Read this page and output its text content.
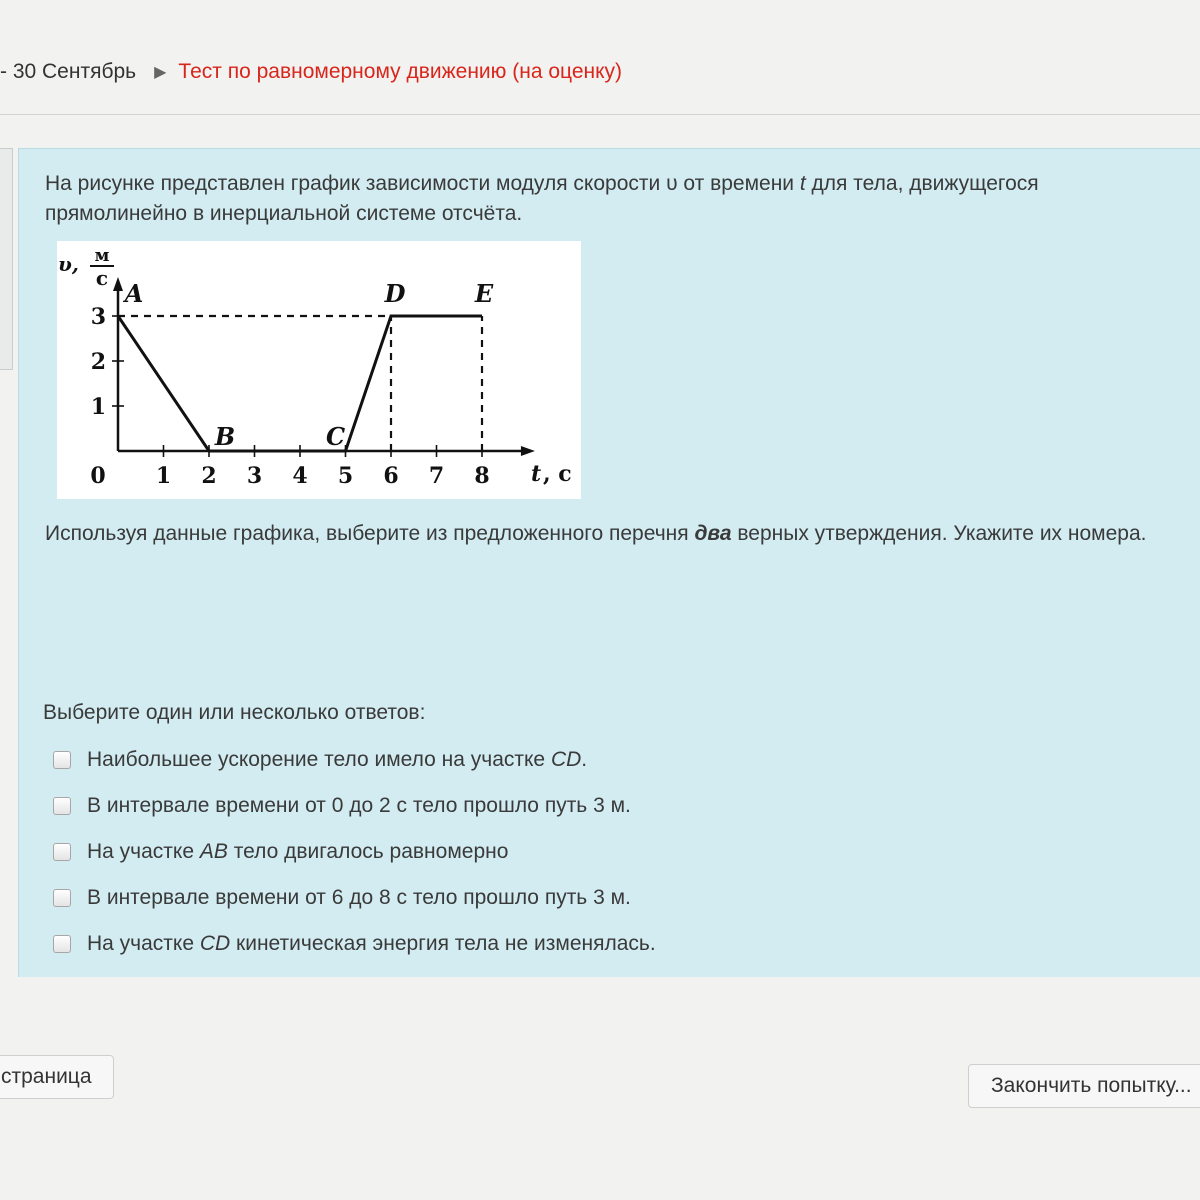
- 30 Сентябрь ▶ Тест по равномерному движению (на оценку)
На рисунке представлен график зависимости модуля скорости υ от времени t для тела, движущегося прямолинейно в инерциальной системе отсчёта.
0 1 2 3 4 5 6 7 8
1
2
3
A
B	C
D	E
υ, м
с
t , c
Используя данные графика, выберите из предложенного перечня два верных утверждения. Укажите их номера.
Выберите один или несколько ответов:
Наибольшее ускорение тело имело на участке CD.
В интервале времени от 0 до 2 с тело прошло путь 3 м.
На участке AB тело двигалось равномерно
В интервале времени от 6 до 8 с тело прошло путь 3 м.
На участке CD кинетическая энергия тела не изменялась.
страница	Закончить попытку...
